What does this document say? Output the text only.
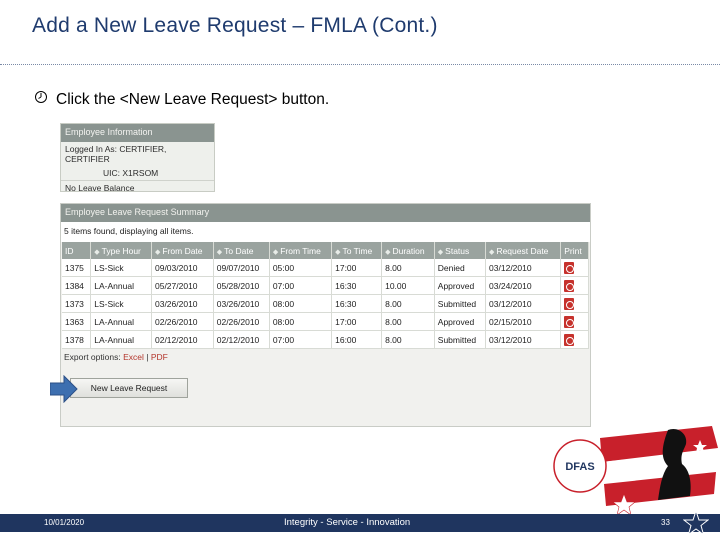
Add a New Leave Request – FMLA (Cont.)
Click the <New Leave Request> button.
Employee Information
Logged In As: CERTIFIER, CERTIFIER
UIC: X1RSOM
No Leave Balance
Employee Leave Request Summary
5 items found, displaying all items.
ID	◆ Type Hour	◆ From Date	◆ To Date	◆ From Time	◆ To Time	◆ Duration	◆ Status	◆ Request Date	Print
1375	LS-Sick	09/03/2010	09/07/2010	05:00	17:00	8.00	Denied	03/12/2010	
1384	LA-Annual	05/27/2010	05/28/2010	07:00	16:30	10.00	Approved	03/24/2010	
1373	LS-Sick	03/26/2010	03/26/2010	08:00	16:30	8.00	Submitted	03/12/2010	
1363	LA-Annual	02/26/2010	02/26/2010	08:00	17:00	8.00	Approved	02/15/2010	
1378	LA-Annual	02/12/2010	02/12/2010	07:00	16:00	8.00	Submitted	03/12/2010	
Export options: Excel | PDF
New Leave Request
DFAS
10/01/2020	Integrity - Service - Innovation	33
